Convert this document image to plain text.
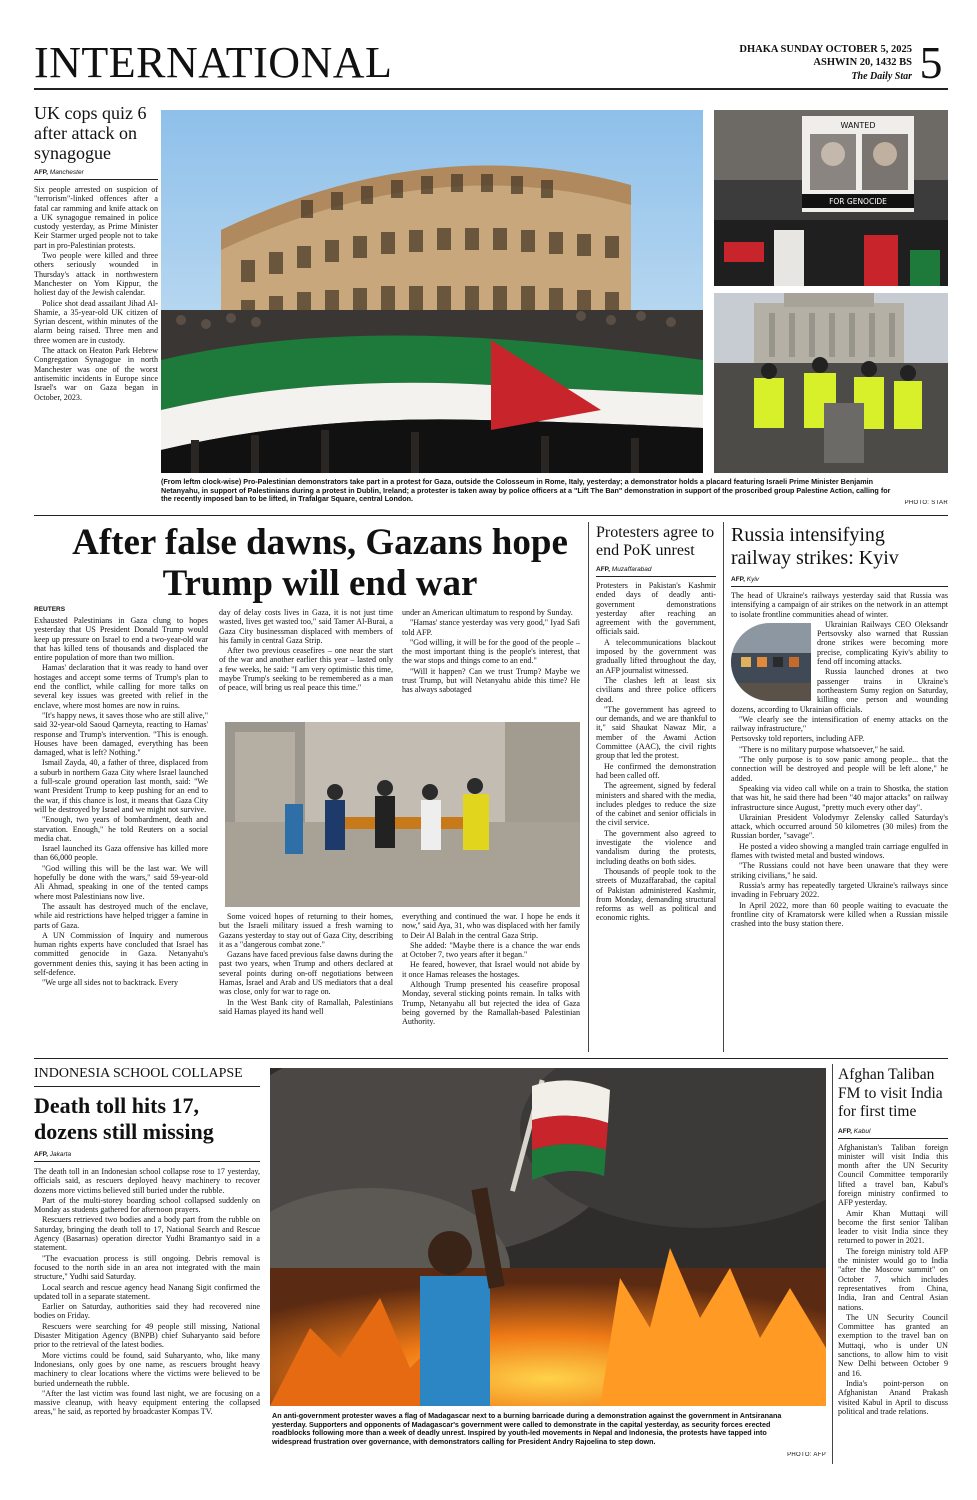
INTERNATIONAL	DHAKA SUNDAY OCTOBER 5, 2025
ASHWIN 20, 1432 BS
The Daily Star 5
UK cops quiz 6 after attack on synagogue
AFP, Manchester

Six people arrested on suspicion of "terrorism"-linked offences after a fatal car ramming and knife attack on a UK synagogue remained in police custody yesterday, as Prime Minister Keir Starmer urged people not to take part in pro-Palestinian protests.

Two people were killed and three others seriously wounded in Thursday's attack in northwestern Manchester on Yom Kippur, the holiest day of the Jewish calendar.

Police shot dead assailant Jihad Al-Shamie, a 35-year-old UK citizen of Syrian descent, within minutes of the alarm being raised. Three men and three women are in custody.

The attack on Heaton Park Hebrew Congregation Synagogue in north Manchester was one of the worst antisemitic incidents in Europe since Israel's war on Gaza began in October, 2023.

WANTED
FOR GENOCIDE
(From leftm clock-wise) Pro-Palestinian demonstrators take part in a protest for Gaza, outside the Colosseum in Rome, Italy, yesterday; a demonstrator holds a placard featuring Israeli Prime Minister Benjamin Netanyahu, in support of Palestinians during a protest in Dublin, Ireland; a protester is taken away by police officers at a "Lift The Ban" demonstration in support of the proscribed group Palestine Action, calling for the recently imposed ban to be lifted, in Trafalgar Square, central London.	PHOTO: STAR
After false dawns, Gazans hope Trump will end war
REUTERS

Exhausted Palestinians in Gaza clung to hopes yesterday that US President Donald Trump would keep up pressure on Israel to end a two-year-old war that has killed tens of thousands and displaced the entire population of more than two million.

Hamas' declaration that it was ready to hand over hostages and accept some terms of Trump's plan to end the conflict, while calling for more talks on several key issues was greeted with relief in the enclave, where most homes are now in ruins.

"It's happy news, it saves those who are still alive," said 32-year-old Saoud Qarneyta, reacting to Hamas' response and Trump's intervention. "This is enough. Houses have been damaged, everything has been damaged, what is left? Nothing."

Ismail Zayda, 40, a father of three, displaced from a suburb in northern Gaza City where Israel launched a full-scale ground operation last month, said: "We want President Trump to keep pushing for an end to the war, if this chance is lost, it means that Gaza City will be destroyed by Israel and we might not survive.

"Enough, two years of bombardment, death and starvation. Enough," he told Reuters on a social media chat.

Israel launched its Gaza offensive has killed more than 66,000 people.

"God willing this will be the last war. We will hopefully be done with the wars," said 59-year-old Ali Ahmad, speaking in one of the tented camps where most Palestinians now live.

The assault has destroyed much of the enclave, while aid restrictions have helped trigger a famine in parts of Gaza.

A UN Commission of Inquiry and numerous human rights experts have concluded that Israel has committed genocide in Gaza. Netanyahu's government denies this, saying it has been acting in self-defence.

"We urge all sides not to backtrack. Every

day of delay costs lives in Gaza, it is not just time wasted, lives get wasted too," said Tamer Al-Burai, a Gaza City businessman displaced with members of his family in central Gaza Strip.

After two previous ceasefires – one near the start of the war and another earlier this year – lasted only a few weeks, he said: "I am very optimistic this time, maybe Trump's seeking to be remembered as a man of peace, will bring us real peace this time."

under an American ultimatum to respond by Sunday.

"Hamas' stance yesterday was very good," Iyad Safi told AFP.

"God willing, it will be for the good of the people – the most important thing is the people's interest, that the war stops and things come to an end."

"Will it happen? Can we trust Trump? Maybe we trust Trump, but will Netanyahu abide this time? He has always sabotaged

Some voiced hopes of returning to their homes, but the Israeli military issued a fresh warning to Gazans yesterday to stay out of Gaza City, describing it as a "dangerous combat zone."

Gazans have faced previous false dawns during the past two years, when Trump and others declared at several points during on-off negotiations between Hamas, Israel and Arab and US mediators that a deal was close, only for war to rage on.

In the West Bank city of Ramallah, Palestinians said Hamas played its hand well

everything and continued the war. I hope he ends it now," said Aya, 31, who was displaced with her family to Deir Al Balah in the central Gaza Strip.

She added: "Maybe there is a chance the war ends at October 7, two years after it began."

He feared, however, that Israel would not abide by it once Hamas releases the hostages.

Although Trump presented his ceasefire proposal Monday, several sticking points remain. In talks with Trump, Netanyahu all but rejected the idea of Gaza being governed by the Ramallah-based Palestinian Authority.

Protesters agree to end PoK unrest
AFP, Muzaffarabad

Protesters in Pakistan's Kashmir ended days of deadly anti-government demonstrations yesterday after reaching an agreement with the government, officials said.

A telecommunications blackout imposed by the government was gradually lifted throughout the day, an AFP journalist witnessed.

The clashes left at least six civilians and three police officers dead.

"The government has agreed to our demands, and we are thankful to it," said Shaukat Nawaz Mir, a member of the Awami Action Committee (AAC), the civil rights group that led the protest.

He confirmed the demonstration had been called off.

The agreement, signed by federal ministers and shared with the media, includes pledges to reduce the size of the cabinet and senior officials in the civil service.

The government also agreed to investigate the violence and vandalism during the protests, including deaths on both sides.

Thousands of people took to the streets of Muzaffarabad, the capital of Pakistan administered Kashmir, from Monday, demanding structural reforms as well as political and economic rights.

Russia intensifying railway strikes: Kyiv
AFP, Kyiv

The head of Ukraine's railways yesterday said that Russia was intensifying a campaign of air strikes on the network in an attempt to isolate frontline communities ahead of winter.

Ukrainian Railways CEO Oleksandr Pertsovsky also warned that Russian drone strikes were becoming more precise, complicating Kyiv's ability to fend off incoming attacks.

Russia launched drones at two passenger trains in Ukraine's northeastern Sumy region on Saturday, killing one person and wounding dozens, according to Ukrainian officials.

"We clearly see the intensification of enemy attacks on the railway infrastructure,"

Pertsovsky told reporters, including AFP.

"There is no military purpose whatsoever," he said.

"The only purpose is to sow panic among people... that the connection will be destroyed and people will be left alone," he added.

Speaking via video call while on a train to Shostka, the station that was hit, he said there had been "40 major attacks" on railway infrastructure since August, "pretty much every other day".

Ukrainian President Volodymyr Zelensky called Saturday's attack, which occurred around 50 kilometres (30 miles) from the Russian border, "savage".

He posted a video showing a mangled train carriage engulfed in flames with twisted metal and busted windows.

"The Russians could not have been unaware that they were striking civilians," he said.

Russia's army has repeatedly targeted Ukraine's railways since invading in February 2022.

In April 2022, more than 60 people waiting to evacuate the frontline city of Kramatorsk were killed when a Russian missile crashed into the busy station there.

INDONESIA SCHOOL COLLAPSE
Death toll hits 17, dozens still missing
AFP, Jakarta

The death toll in an Indonesian school collapse rose to 17 yesterday, officials said, as rescuers deployed heavy machinery to recover dozens more victims believed still buried under the rubble.

Part of the multi-storey boarding school collapsed suddenly on Monday as students gathered for afternoon prayers.

Rescuers retrieved two bodies and a body part from the rubble on Saturday, bringing the death toll to 17, National Search and Rescue Agency (Basarnas) operation director Yudhi Bramantyo said in a statement.

"The evacuation process is still ongoing. Debris removal is focused to the north side in an area not integrated with the main structure," Yudhi said Saturday.

Local search and rescue agency head Nanang Sigit confirmed the updated toll in a separate statement.

Earlier on Saturday, authorities said they had recovered nine bodies on Friday.

Rescuers were searching for 49 people still missing, National Disaster Mitigation Agency (BNPB) chief Suharyanto said before prior to the retrieval of the latest bodies.

More victims could be found, said Suharyanto, who, like many Indonesians, only goes by one name, as rescuers brought heavy machinery to clear locations where the victims were believed to be buried underneath the rubble.

"After the last victim was found last night, we are focusing on a massive cleanup, with heavy equipment entering the collapsed areas," he said, as reported by broadcaster Kompas TV.	An anti-government protester waves a flag of Madagascar next to a burning barricade during a demonstration against the government in Antsiranana yesterday. Supporters and opponents of Madagascar's government were called to demonstrate in the capital yesterday, as security forces erected roadblocks following more than a week of deadly unrest. Inspired by youth-led movements in Nepal and Indonesia, the protests have tapped into widespread frustration over governance, with demonstrators calling for President Andry Rajoelina to step down.
PHOTO: AFP
Afghan Taliban FM to visit India for first time
AFP, Kabul

Afghanistan's Taliban foreign minister will visit India this month after the UN Security Council Committee temporarily lifted a travel ban, Kabul's foreign ministry confirmed to AFP yesterday.

Amir Khan Muttaqi will become the first senior Taliban leader to visit India since they returned to power in 2021.

The foreign ministry told AFP the minister would go to India "after the Moscow summit" on October 7, which includes representatives from China, India, Iran and Central Asian nations.

The UN Security Council Committee has granted an exemption to the travel ban on Muttaqi, who is under UN sanctions, to allow him to visit New Delhi between October 9 and 16.

India's point-person on Afghanistan Anand Prakash visited Kabul in April to discuss political and trade relations.
